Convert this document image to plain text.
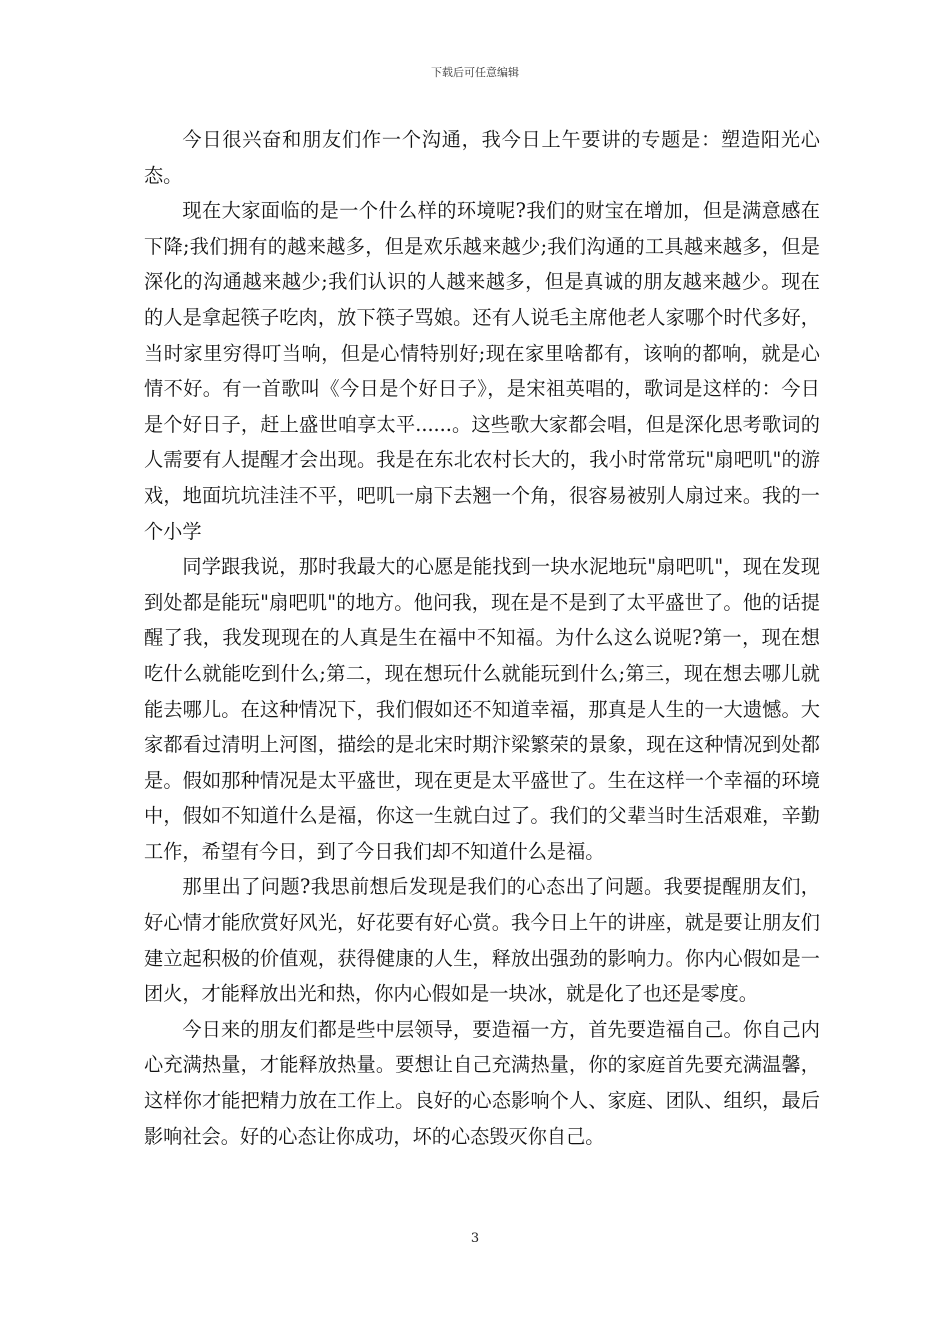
下载后可任意编辑

今日很兴奋和朋友们作一个沟通，我今日上午要讲的专题是：塑造阳光心态。

现在大家面临的是一个什么样的环境呢?我们的财宝在增加，但是满意感在下降;我们拥有的越来越多，但是欢乐越来越少;我们沟通的工具越来越多，但是深化的沟通越来越少;我们认识的人越来越多，但是真诚的朋友越来越少。现在的人是拿起筷子吃肉，放下筷子骂娘。还有人说毛主席他老人家哪个时代多好，当时家里穷得叮当响，但是心情特别好;现在家里啥都有，该响的都响，就是心情不好。有一首歌叫《今日是个好日子》，是宋祖英唱的，歌词是这样的：今日是个好日子，赶上盛世咱享太平......。这些歌大家都会唱，但是深化思考歌词的人需要有人提醒才会出现。我是在东北农村长大的，我小时常常玩"扇吧叽"的游戏，地面坑坑洼洼不平，吧叽一扇下去翘一个角，很容易被别人扇过来。我的一个小学

同学跟我说，那时我最大的心愿是能找到一块水泥地玩"扇吧叽"，现在发现到处都是能玩"扇吧叽"的地方。他问我，现在是不是到了太平盛世了。他的话提醒了我，我发现现在的人真是生在福中不知福。为什么这么说呢?第一，现在想吃什么就能吃到什么;第二，现在想玩什么就能玩到什么;第三，现在想去哪儿就能去哪儿。在这种情况下，我们假如还不知道幸福，那真是人生的一大遗憾。大家都看过清明上河图，描绘的是北宋时期汴梁繁荣的景象，现在这种情况到处都是。假如那种情况是太平盛世，现在更是太平盛世了。生在这样一个幸福的环境中，假如不知道什么是福，你这一生就白过了。我们的父辈当时生活艰难，辛勤工作，希望有今日，到了今日我们却不知道什么是福。

那里出了问题?我思前想后发现是我们的心态出了问题。我要提醒朋友们，好心情才能欣赏好风光，好花要有好心赏。我今日上午的讲座，就是要让朋友们建立起积极的价值观，获得健康的人生，释放出强劲的影响力。你内心假如是一团火，才能释放出光和热，你内心假如是一块冰，就是化了也还是零度。

今日来的朋友们都是些中层领导，要造福一方，首先要造福自己。你自己内心充满热量，才能释放热量。要想让自己充满热量，你的家庭首先要充满温馨，这样你才能把精力放在工作上。良好的心态影响个人、家庭、团队、组织，最后影响社会。好的心态让你成功，坏的心态毁灭你自己。

3
